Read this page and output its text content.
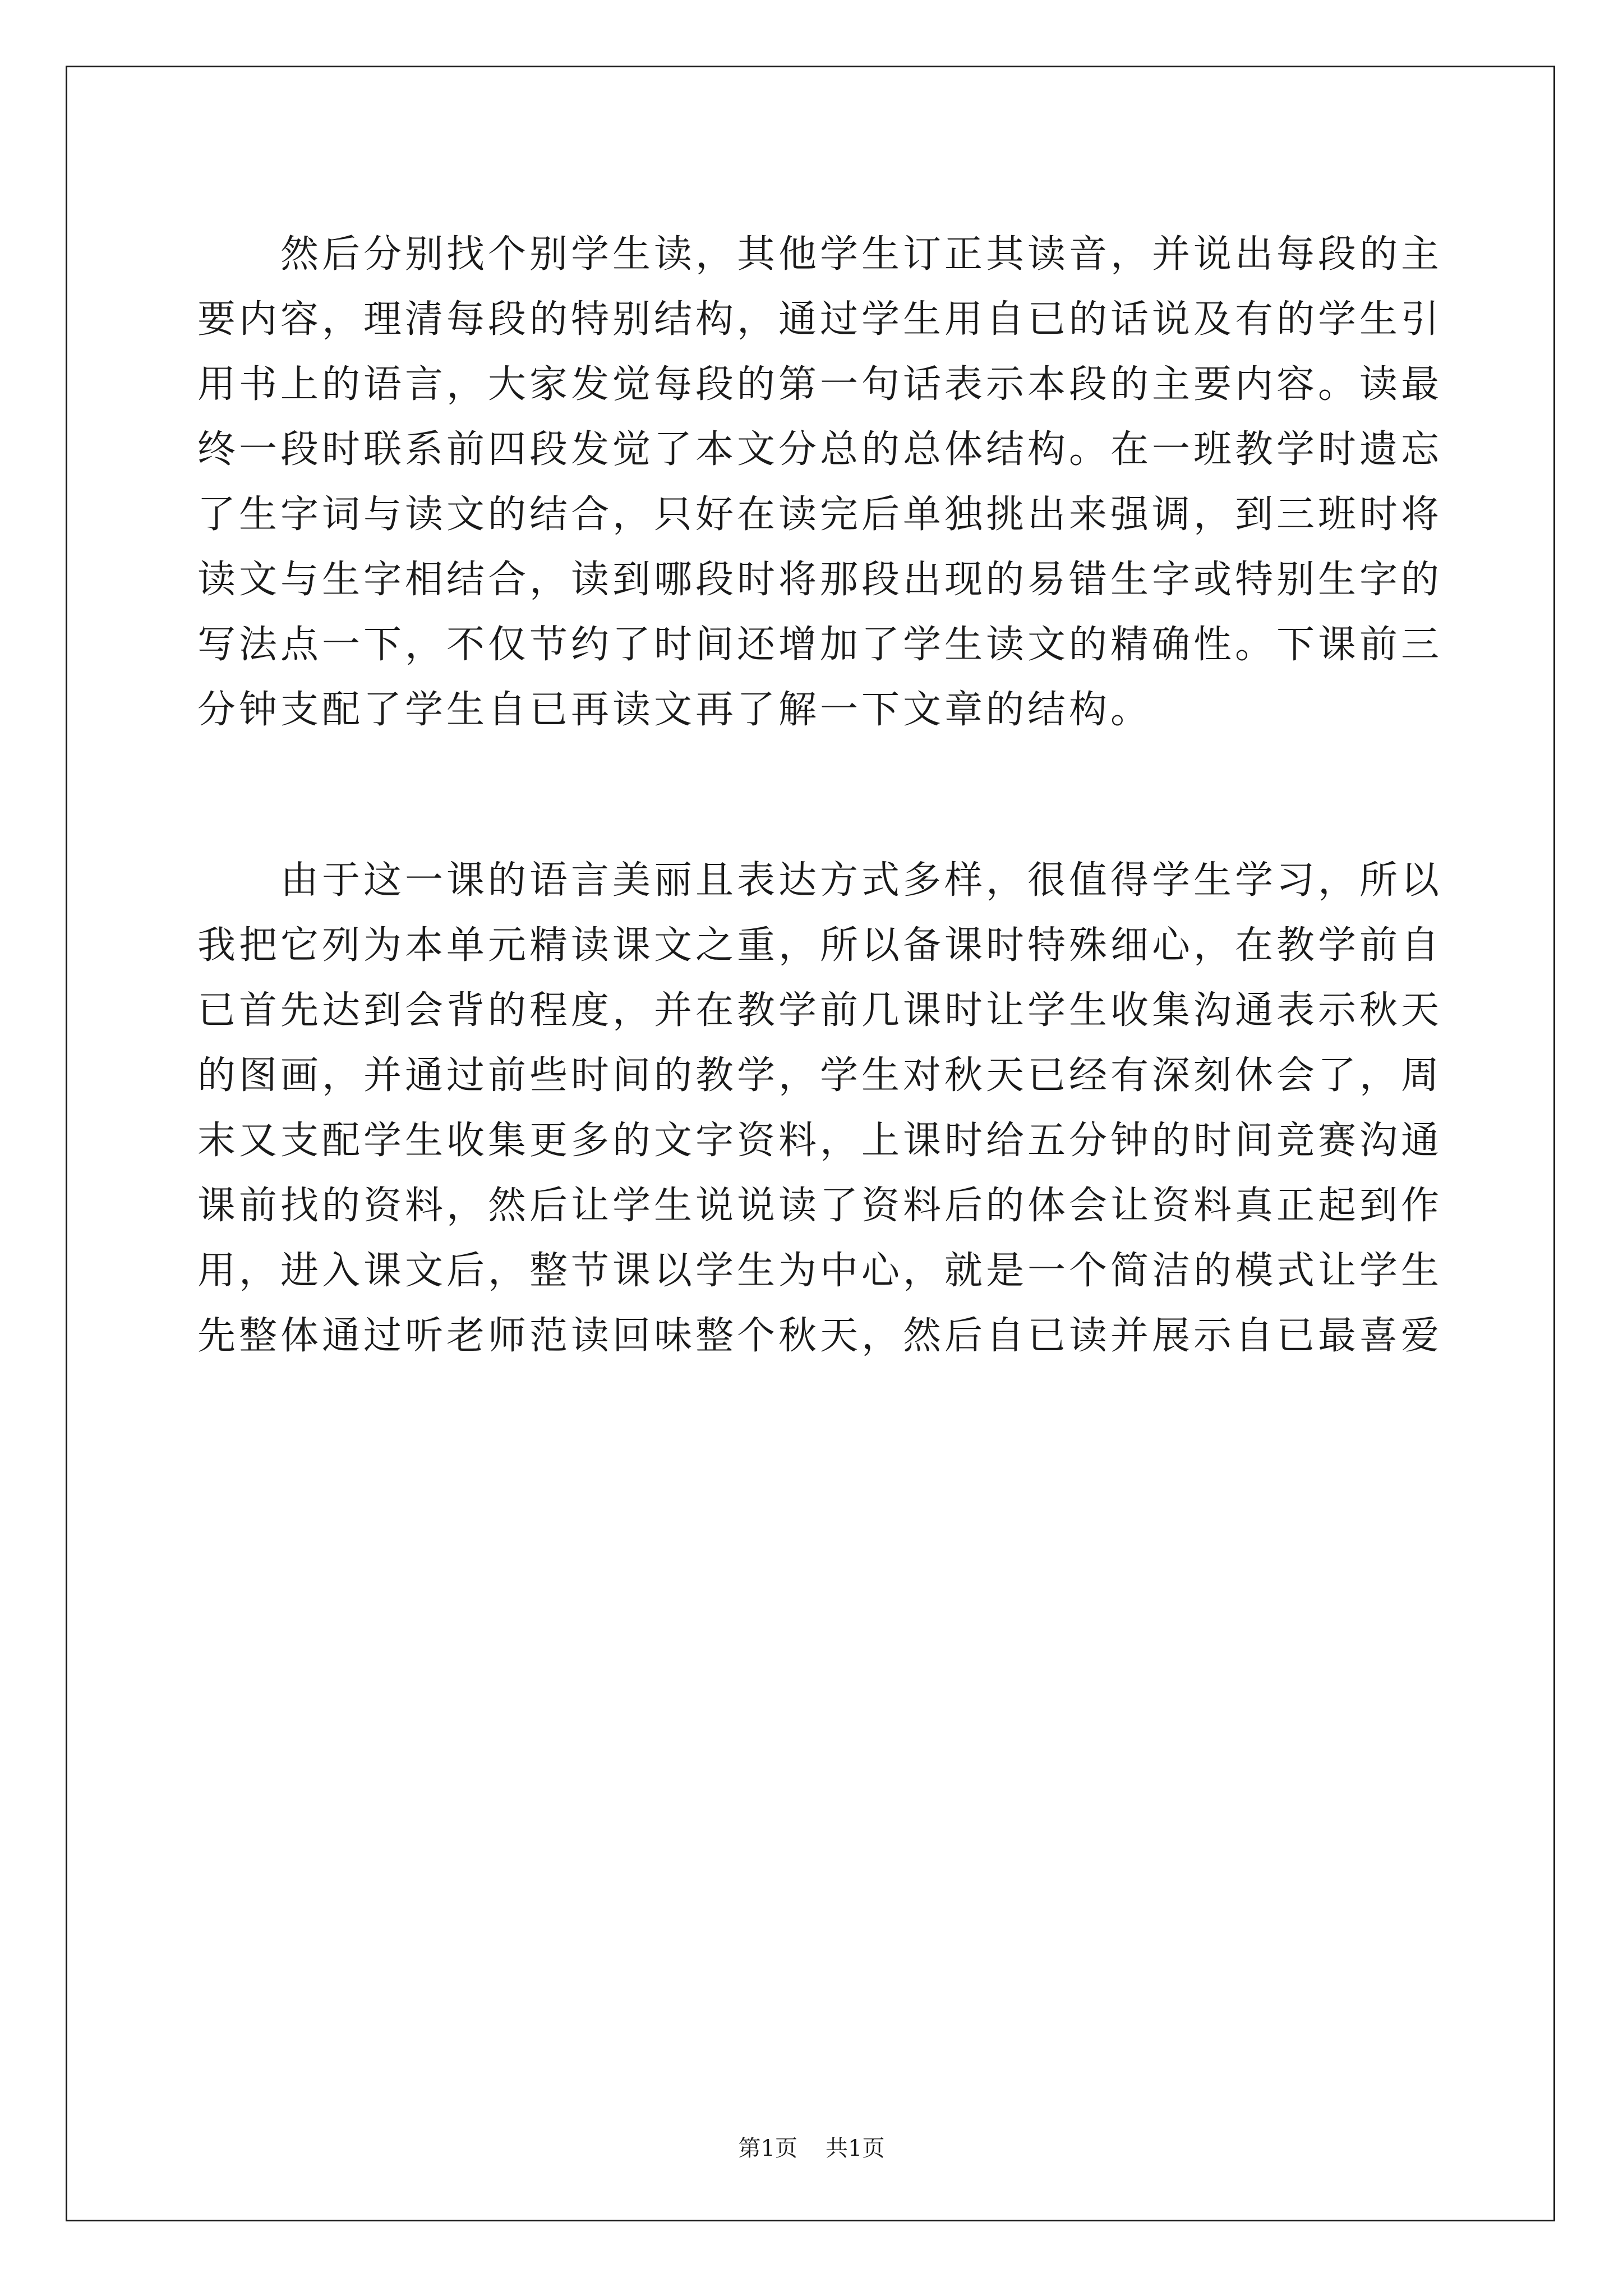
然后分别找个别学生读，其他学生订正其读音，并说出每段的主
要内容，理清每段的特别结构，通过学生用自已的话说及有的学生引
用书上的语言，大家发觉每段的第一句话表示本段的主要内容。读最
终一段时联系前四段发觉了本文分总的总体结构。在一班教学时遗忘
了生字词与读文的结合，只好在读完后单独挑出来强调，到三班时将
读文与生字相结合，读到哪段时将那段出现的易错生字或特别生字的
写法点一下，不仅节约了时间还增加了学生读文的精确性。下课前三
分钟支配了学生自已再读文再了解一下文章的结构。
由于这一课的语言美丽且表达方式多样，很值得学生学习，所以
我把它列为本单元精读课文之重，所以备课时特殊细心，在教学前自
已首先达到会背的程度，并在教学前几课时让学生收集沟通表示秋天
的图画，并通过前些时间的教学，学生对秋天已经有深刻休会了，周
末又支配学生收集更多的文字资料，上课时给五分钟的时间竞赛沟通
课前找的资料，然后让学生说说读了资料后的体会让资料真正起到作
用，进入课文后，整节课以学生为中心，就是一个简洁的模式让学生
先整体通过听老师范读回味整个秋天，然后自已读并展示自已最喜爱
第1页 共1页
